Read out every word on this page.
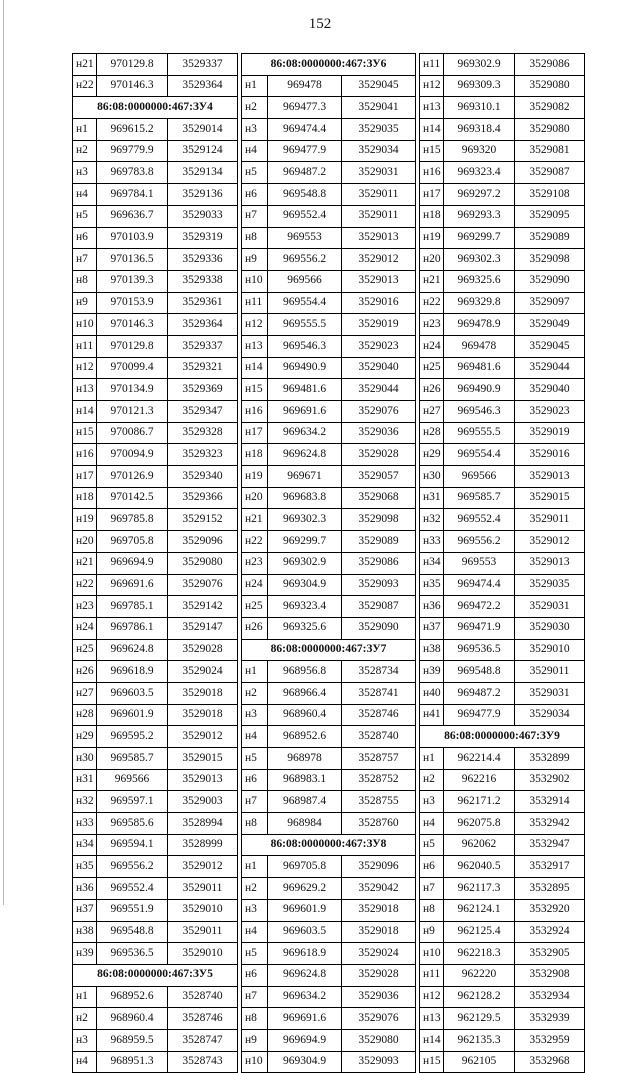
152
н21	970129.8	3529337
н22	970146.3	3529364
86:08:0000000:467:ЗУ4		
н1	969615.2	3529014
н2	969779.9	3529124
н3	969783.8	3529134
н4	969784.1	3529136
н5	969636.7	3529033
н6	970103.9	3529319
н7	970136.5	3529336
н8	970139.3	3529338
н9	970153.9	3529361
н10	970146.3	3529364
н11	970129.8	3529337
н12	970099.4	3529321
н13	970134.9	3529369
н14	970121.3	3529347
н15	970086.7	3529328
н16	970094.9	3529323
н17	970126.9	3529340
н18	970142.5	3529366
н19	969785.8	3529152
н20	969705.8	3529096
н21	969694.9	3529080
н22	969691.6	3529076
н23	969785.1	3529142
н24	969786.1	3529147
н25	969624.8	3529028
н26	969618.9	3529024
н27	969603.5	3529018
н28	969601.9	3529018
н29	969595.2	3529012
н30	969585.7	3529015
н31	969566	3529013
н32	969597.1	3529003
н33	969585.6	3528994
н34	969594.1	3528999
н35	969556.2	3529012
н36	969552.4	3529011
н37	969551.9	3529010
н38	969548.8	3529011
н39	969536.5	3529010
86:08:0000000:467:ЗУ5		
н1	968952.6	3528740
н2	968960.4	3528746
н3	968959.5	3528747
н4	968951.3	3528743
86:08:0000000:467:ЗУ6		
н1	969478	3529045
н2	969477.3	3529041
н3	969474.4	3529035
н4	969477.9	3529034
н5	969487.2	3529031
н6	969548.8	3529011
н7	969552.4	3529011
н8	969553	3529013
н9	969556.2	3529012
н10	969566	3529013
н11	969554.4	3529016
н12	969555.5	3529019
н13	969546.3	3529023
н14	969490.9	3529040
н15	969481.6	3529044
н16	969691.6	3529076
н17	969634.2	3529036
н18	969624.8	3529028
н19	969671	3529057
н20	969683.8	3529068
н21	969302.3	3529098
н22	969299.7	3529089
н23	969302.9	3529086
н24	969304.9	3529093
н25	969323.4	3529087
н26	969325.6	3529090
86:08:0000000:467:ЗУ7		
н1	968956.8	3528734
н2	968966.4	3528741
н3	968960.4	3528746
н4	968952.6	3528740
н5	968978	3528757
н6	968983.1	3528752
н7	968987.4	3528755
н8	968984	3528760
86:08:0000000:467:ЗУ8		
н1	969705.8	3529096
н2	969629.2	3529042
н3	969601.9	3529018
н4	969603.5	3529018
н5	969618.9	3529024
н6	969624.8	3529028
н7	969634.2	3529036
н8	969691.6	3529076
н9	969694.9	3529080
н10	969304.9	3529093
н11	969302.9	3529086
н12	969309.3	3529080
н13	969310.1	3529082
н14	969318.4	3529080
н15	969320	3529081
н16	969323.4	3529087
н17	969297.2	3529108
н18	969293.3	3529095
н19	969299.7	3529089
н20	969302.3	3529098
н21	969325.6	3529090
н22	969329.8	3529097
н23	969478.9	3529049
н24	969478	3529045
н25	969481.6	3529044
н26	969490.9	3529040
н27	969546.3	3529023
н28	969555.5	3529019
н29	969554.4	3529016
н30	969566	3529013
н31	969585.7	3529015
н32	969552.4	3529011
н33	969556.2	3529012
н34	969553	3529013
н35	969474.4	3529035
н36	969472.2	3529031
н37	969471.9	3529030
н38	969536.5	3529010
н39	969548.8	3529011
н40	969487.2	3529031
н41	969477.9	3529034
86:08:0000000:467:ЗУ9		
н1	962214.4	3532899
н2	962216	3532902
н3	962171.2	3532914
н4	962075.8	3532942
н5	962062	3532947
н6	962040.5	3532917
н7	962117.3	3532895
н8	962124.1	3532920
н9	962125.4	3532924
н10	962218.3	3532905
н11	962220	3532908
н12	962128.2	3532934
н13	962129.5	3532939
н14	962135.3	3532959
н15	962105	3532968
